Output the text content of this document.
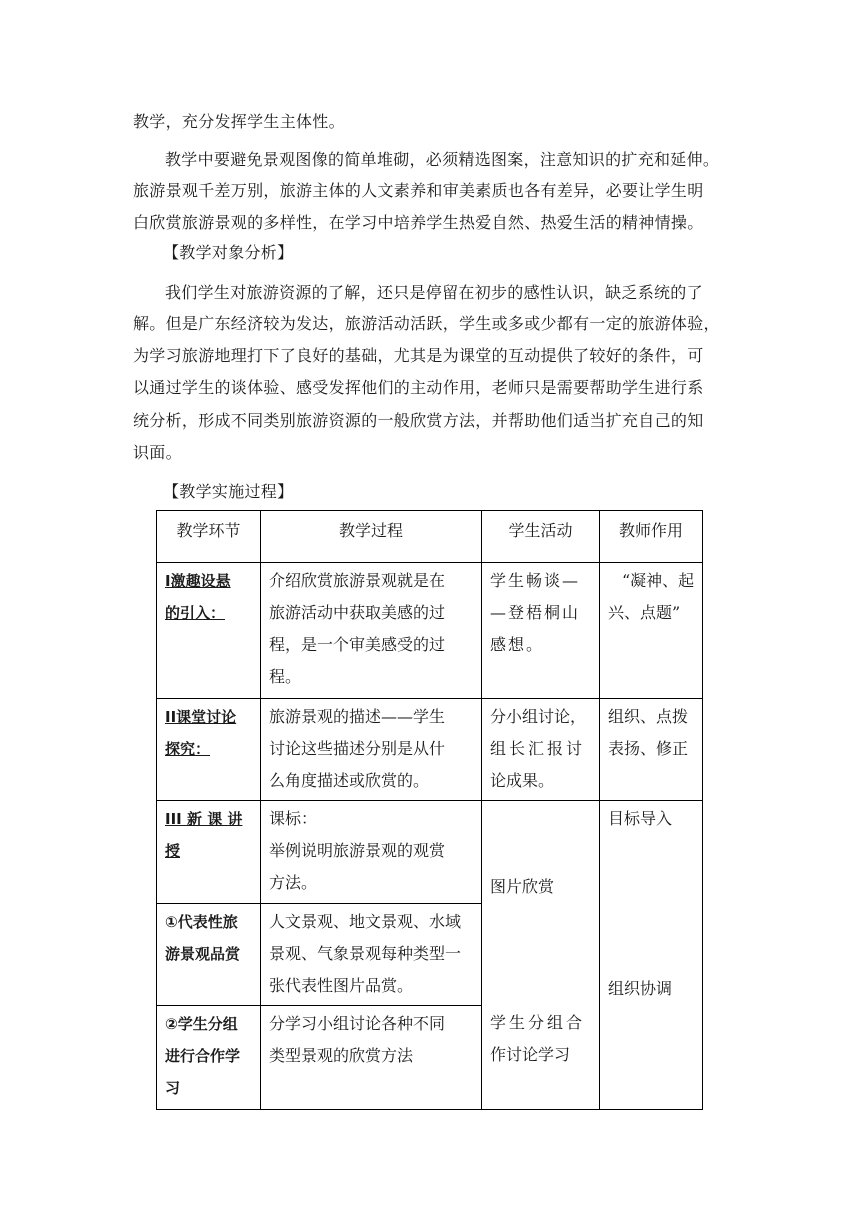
教学，充分发挥学生主体性。
教学中要避免景观图像的简单堆砌，必须精选图案，注意知识的扩充和延伸。
旅游景观千差万别，旅游主体的人文素养和审美素质也各有差异，必要让学生明
白欣赏旅游景观的多样性，在学习中培养学生热爱自然、热爱生活的精神情操。
【教学对象分析】
我们学生对旅游资源的了解，还只是停留在初步的感性认识，缺乏系统的了
解。但是广东经济较为发达，旅游活动活跃，学生或多或少都有一定的旅游体验，
为学习旅游地理打下了良好的基础，尤其是为课堂的互动提供了较好的条件，可
以通过学生的谈体验、感受发挥他们的主动作用，老师只是需要帮助学生进行系
统分析，形成不同类别旅游资源的一般欣赏方法，并帮助他们适当扩充自己的知
识面。
【教学实施过程】
教学环节	教学过程	学生活动	教师作用

Ⅰ激趣设悬
的引入：	介绍欣赏旅游景观就是在
旅游活动中获取美感的过
程，是一个审美感受的过
程。	学生畅谈—
—登梧桐山
感想。	“凝神、起
兴、点题”

II课堂讨论
探究：	旅游景观的描述——学生
讨论这些描述分别是从什
么角度描述或欣赏的。	分小组讨论，
组长汇报讨
论成果。	组织、点拨
表扬、修正

III 新 课 讲
授	课标：
举例说明旅游景观的观赏
方法。	图片欣赏	目标导入
组织协调

①代表性旅
游景观品赏	人文景观、地文景观、水域
景观、气象景观每种类型一
张代表性图片品赏。		

②学生分组
进行合作学
习	分学习小组讨论各种不同
类型景观的欣赏方法	学生分组合
作讨论学习	
